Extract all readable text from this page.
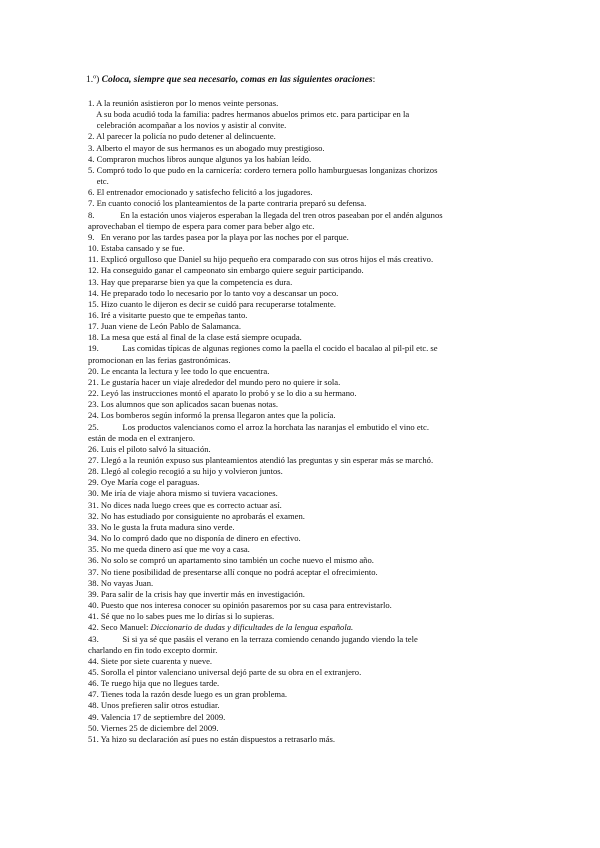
1.º) Coloca, siempre que sea necesario, comas en las siguientes oraciones:
1. A la reunión asistieron por lo menos veinte personas.
A su boda acudió toda la familia: padres hermanos abuelos primos etc. para participar en la
celebración acompañar a los novios y asistir al convite.
2. Al parecer la policía no pudo detener al delincuente.
3. Alberto el mayor de sus hermanos es un abogado muy prestigioso.
4. Compraron muchos libros aunque algunos ya los habían leído.
5. Compró todo lo que pudo en la carnicería: cordero ternera pollo hamburguesas longanizas chorizos
etc.
6. El entrenador emocionado y satisfecho felicitó a los jugadores.
7. En cuanto conoció los planteamientos de la parte contraria preparó su defensa.
8.            En la estación unos viajeros esperaban la llegada del tren otros paseaban por el andén algunos
aprovechaban el tiempo de espera para comer para beber algo etc.
9.   En verano por las tardes pasea por la playa por las noches por el parque.
10. Estaba cansado y se fue.
11. Explicó orgulloso que Daniel su hijo pequeño era comparado con sus otros hijos el más creativo.
12. Ha conseguido ganar el campeonato sin embargo quiere seguir participando.
13. Hay que prepararse bien ya que la competencia es dura.
14. He preparado todo lo necesario por lo tanto voy a descansar un poco.
15. Hizo cuanto le dijeron es decir se cuidó para recuperarse totalmente.
16. Iré a visitarte puesto que te empeñas tanto.
17. Juan viene de León Pablo de Salamanca.
18. La mesa que está al final de la clase está siempre ocupada.
19.           Las comidas típicas de algunas regiones como la paella el cocido el bacalao al pil-pil etc. se
promocionan en las ferias gastronómicas.
20. Le encanta la lectura y lee todo lo que encuentra.
21. Le gustaría hacer un viaje alrededor del mundo pero no quiere ir sola.
22. Leyó las instrucciones montó el aparato lo probó y se lo dio a su hermano.
23. Los alumnos que son aplicados sacan buenas notas.
24. Los bomberos según informó la prensa llegaron antes que la policía.
25.           Los productos valencianos como el arroz la horchata las naranjas el embutido el vino etc.
están de moda en el extranjero.
26. Luis el piloto salvó la situación.
27. Llegó a la reunión expuso sus planteamientos atendió las preguntas y sin esperar más se marchó.
28. Llegó al colegio recogió a su hijo y volvieron juntos.
29. Oye María coge el paraguas.
30. Me iría de viaje ahora mismo si tuviera vacaciones.
31. No dices nada luego crees que es correcto actuar así.
32. No has estudiado por consiguiente no aprobarás el examen.
33. No le gusta la fruta madura sino verde.
34. No lo compró dado que no disponía de dinero en efectivo.
35. No me queda dinero así que me voy a casa.
36. No solo se compró un apartamento sino también un coche nuevo el mismo año.
37. No tiene posibilidad de presentarse allí conque no podrá aceptar el ofrecimiento.
38. No vayas Juan.
39. Para salir de la crisis hay que invertir más en investigación.
40. Puesto que nos interesa conocer su opinión pasaremos por su casa para entrevistarlo.
41. Sé que no lo sabes pues me lo dirías si lo supieras.
42. Seco Manuel: Diccionario de dudas y dificultades de la lengua española.
43.           Si si ya sé que pasáis el verano en la terraza comiendo cenando jugando viendo la tele
charlando en fin todo excepto dormir.
44. Siete por siete cuarenta y nueve.
45. Sorolla el pintor valenciano universal dejó parte de su obra en el extranjero.
46. Te ruego hija que no llegues tarde.
47. Tienes toda la razón desde luego es un gran problema.
48. Unos prefieren salir otros estudiar.
49. Valencia 17 de septiembre del 2009.
50. Viernes 25 de diciembre del 2009.
51. Ya hizo su declaración así pues no están dispuestos a retrasarlo más.
